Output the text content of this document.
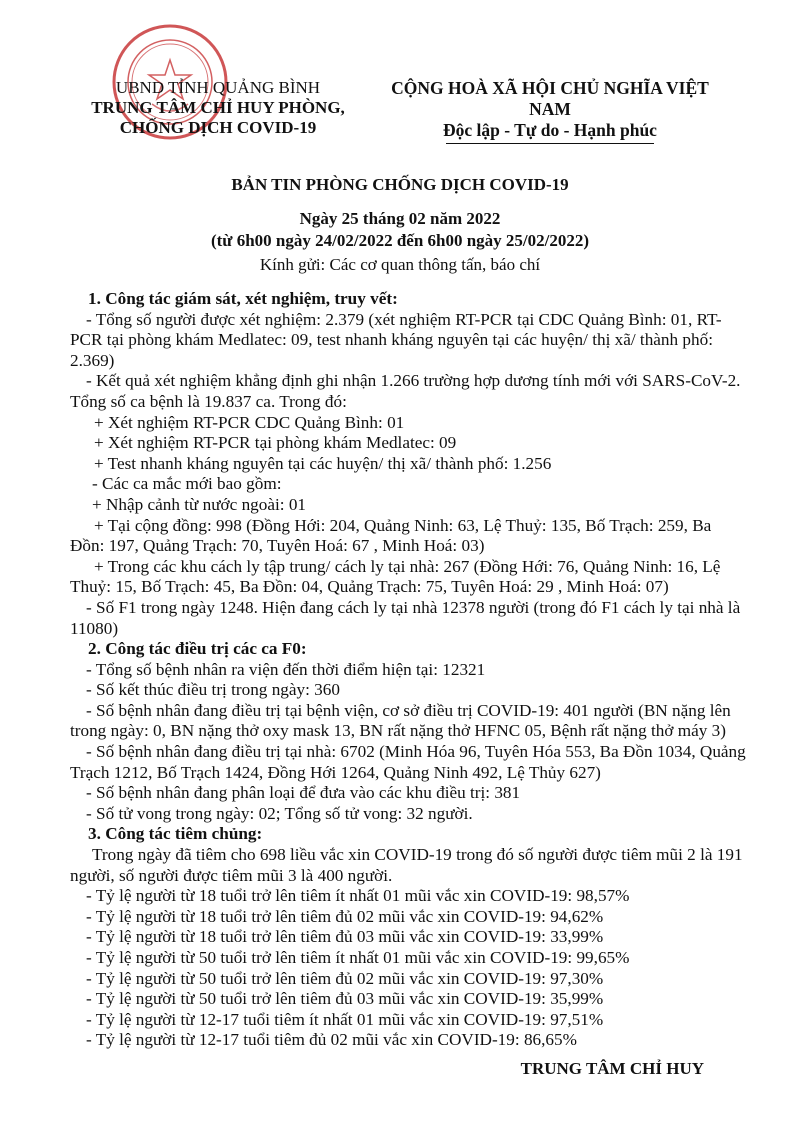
UBND TỈNH QUẢNG BÌNH
TRUNG TÂM CHỈ HUY PHÒNG,
CHỐNG DỊCH COVID-19
CỘNG HOÀ XÃ HỘI CHỦ NGHĨA VIỆT NAM
Độc lập - Tự do - Hạnh phúc
BẢN TIN PHÒNG CHỐNG DỊCH COVID-19
Ngày 25 tháng 02 năm 2022
(từ 6h00 ngày 24/02/2022 đến 6h00 ngày 25/02/2022)
Kính gửi: Các cơ quan thông tấn, báo chí

1. Công tác giám sát, xét nghiệm, truy vết:

- Tổng số người được xét nghiệm: 2.379 (xét nghiệm RT-PCR tại CDC Quảng Bình: 01, RT-PCR tại phòng khám Medlatec: 09, test nhanh kháng nguyên tại các huyện/ thị xã/ thành phố: 2.369)

- Kết quả xét nghiệm khẳng định ghi nhận 1.266 trường hợp dương tính mới với SARS-CoV-2. Tổng số ca bệnh là 19.837 ca. Trong đó:

+ Xét nghiệm RT-PCR CDC Quảng Bình: 01

+ Xét nghiệm RT-PCR tại phòng khám Medlatec: 09

+ Test nhanh kháng nguyên tại các huyện/ thị xã/ thành phố: 1.256

- Các ca mắc mới bao gồm:

+ Nhập cảnh từ nước ngoài: 01

+ Tại cộng đồng: 998 (Đồng Hới: 204, Quảng Ninh: 63, Lệ Thuỷ: 135, Bố Trạch: 259, Ba Đồn: 197, Quảng Trạch: 70, Tuyên Hoá: 67 , Minh Hoá: 03)

+ Trong các khu cách ly tập trung/ cách ly tại nhà: 267 (Đồng Hới: 76, Quảng Ninh: 16, Lệ Thuỷ: 15, Bố Trạch: 45, Ba Đồn: 04, Quảng Trạch: 75, Tuyên Hoá: 29 , Minh Hoá: 07)

- Số F1 trong ngày 1248. Hiện đang cách ly tại nhà 12378 người (trong đó F1 cách ly tại nhà là 11080)

2. Công tác điều trị các ca F0:

- Tổng số bệnh nhân ra viện đến thời điểm hiện tại: 12321

- Số kết thúc điều trị trong ngày: 360

- Số bệnh nhân đang điều trị tại bệnh viện, cơ sở điều trị COVID-19: 401 người (BN nặng lên trong ngày: 0, BN nặng thở oxy mask 13, BN rất nặng thở HFNC 05, Bệnh rất nặng thở máy 3)

- Số bệnh nhân đang điều trị tại nhà: 6702 (Minh Hóa 96, Tuyên Hóa 553, Ba Đồn 1034, Quảng Trạch 1212, Bố Trạch 1424, Đồng Hới 1264, Quảng Ninh 492, Lệ Thủy 627)

- Số bệnh nhân đang phân loại để đưa vào các khu điều trị: 381

- Số tử vong trong ngày: 02; Tổng số tử vong: 32 người.

3. Công tác tiêm chủng:

Trong ngày đã tiêm cho 698 liều vắc xin COVID-19 trong đó số người được tiêm mũi 2 là 191 người, số người được tiêm mũi 3 là 400 người.

- Tỷ lệ người từ 18 tuổi trở lên tiêm ít nhất 01 mũi vắc xin COVID-19: 98,57%

- Tỷ lệ người từ 18 tuổi trở lên tiêm đủ 02 mũi vắc xin COVID-19: 94,62%

- Tỷ lệ người từ 18 tuổi trở lên tiêm đủ 03 mũi vắc xin COVID-19: 33,99%

- Tỷ lệ người từ 50 tuổi trở lên tiêm ít nhất 01 mũi vắc xin COVID-19: 99,65%

- Tỷ lệ người từ 50 tuổi trở lên tiêm đủ 02 mũi vắc xin COVID-19: 97,30%

- Tỷ lệ người từ 50 tuổi trở lên tiêm đủ 03 mũi vắc xin COVID-19: 35,99%

- Tỷ lệ người từ 12-17 tuổi tiêm ít nhất 01 mũi vắc xin COVID-19: 97,51%

- Tỷ lệ người từ 12-17 tuổi tiêm đủ 02 mũi vắc xin COVID-19: 86,65%

TRUNG TÂM CHỈ HUY
